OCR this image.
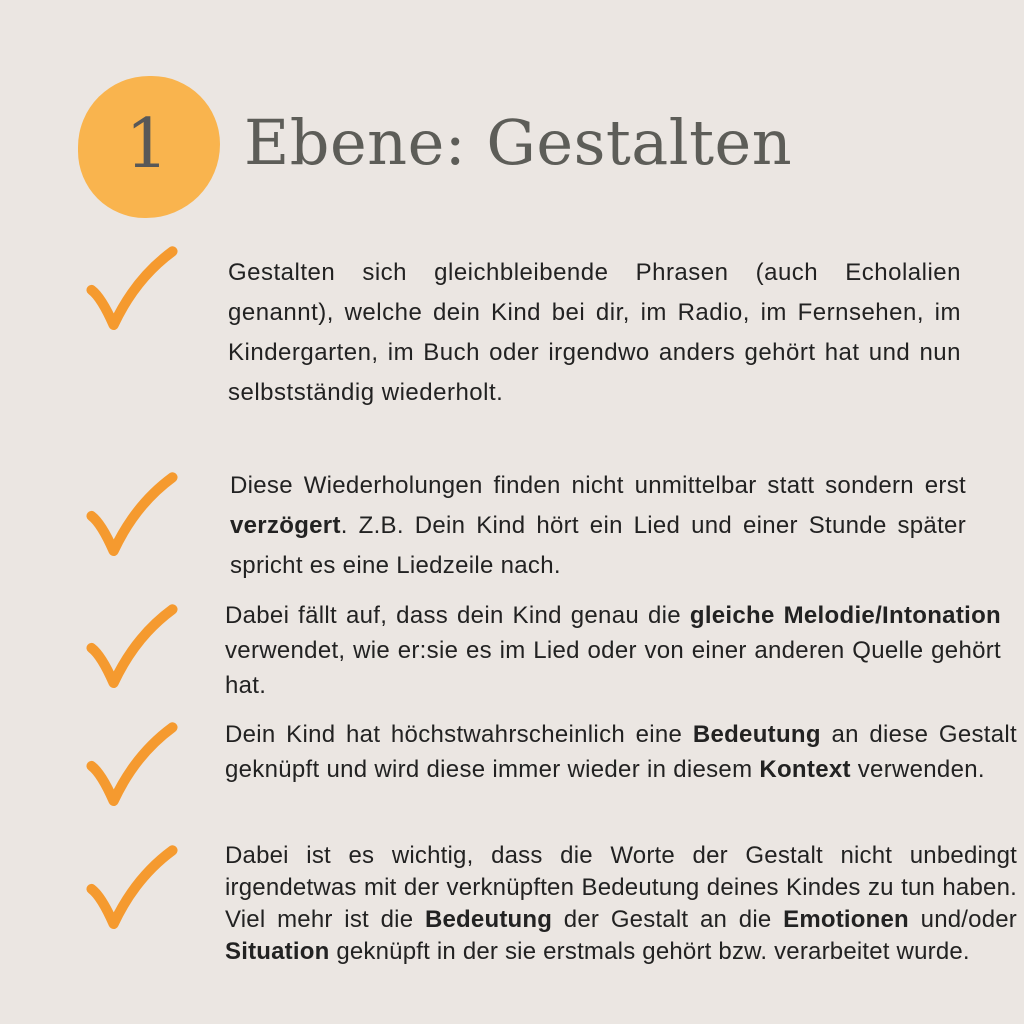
1 Ebene: Gestalten

Gestalten sich gleichbleibende Phrasen (auch Echolalien genannt), welche dein Kind bei dir, im Radio, im Fernsehen, im Kindergarten, im Buch oder irgendwo anders gehört hat und nun selbstständig wiederholt.

Diese Wiederholungen finden nicht unmittelbar statt sondern erst verzögert. Z.B. Dein Kind hört ein Lied und einer Stunde später spricht es eine Liedzeile nach.

Dabei fällt auf, dass dein Kind genau die gleiche Melodie/Intonation verwendet, wie er:sie es im Lied oder von einer anderen Quelle gehört hat.

Dein Kind hat höchstwahrscheinlich eine Bedeutung an diese Gestalt geknüpft und wird diese immer wieder in diesem Kontext verwenden.

Dabei ist es wichtig, dass die Worte der Gestalt nicht unbedingt irgendetwas mit der verknüpften Bedeutung deines Kindes zu tun haben. Viel mehr ist die Bedeutung der Gestalt an die Emotionen und/oder Situation geknüpft in der sie erstmals gehört bzw. verarbeitet wurde.
